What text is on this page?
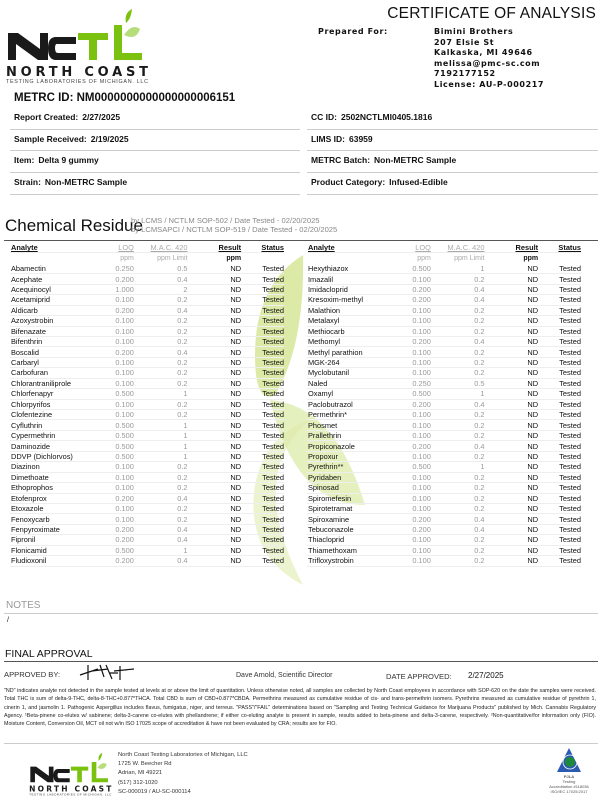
NORTH COAST
TESTING LABORATORIES OF MICHIGAN, LLC
CERTIFICATE OF ANALYSIS
Prepared For:	Bimini Brothers
207 Elsie St
Kalkaska, MI 49646
melissa@pmc-sc.com
7192177152
License: AU-P-000217
METRC ID: NM0000000000000000006151
Report Created: 2/27/2025	CC ID: 2502NCTLMI0405.1816
Sample Received: 2/19/2025	LIMS ID: 63959
Item: Delta 9 gummy	METRC Batch: Non-METRC Sample
Strain: Non-METRC Sample	Product Category: Infused-Edible
Chemical Residue
by LCMS / NCTLM SOP-502 / Date Tested - 02/20/2025
by LCMSAPCI / NCTLM SOP-519 / Date Tested - 02/20/2025
Analyte	LOQ	M.A.C. 420	Result	Status
ppm	ppm Limit	ppm
Abamectin	0.250	0.5	ND	Tested
Acephate	0.200	0.4	ND	Tested
Acequinocyl	1.000	2	ND	Tested
Acetamiprid	0.100	0.2	ND	Tested
Aldicarb	0.200	0.4	ND	Tested
Azoxystrobin	0.100	0.2	ND	Tested
Bifenazate	0.100	0.2	ND	Tested
Bifenthrin	0.100	0.2	ND	Tested
Boscalid	0.200	0.4	ND	Tested
Carbaryl	0.100	0.2	ND	Tested
Carbofuran	0.100	0.2	ND	Tested
Chlorantraniliprole	0.100	0.2	ND	Tested
Chlorfenapyr	0.500	1	ND	Tested
Chlorpyrifos	0.100	0.2	ND	Tested
Clofentezine	0.100	0.2	ND	Tested
Cyfluthrin	0.500	1	ND	Tested
Cypermethrin	0.500	1	ND	Tested
Daminozide	0.500	1	ND	Tested
DDVP (Dichlorvos)	0.500	1	ND	Tested
Diazinon	0.100	0.2	ND	Tested
Dimethoate	0.100	0.2	ND	Tested
Ethoprophos	0.100	0.2	ND	Tested
Etofenprox	0.200	0.4	ND	Tested
Etoxazole	0.100	0.2	ND	Tested
Fenoxycarb	0.100	0.2	ND	Tested
Fenpyroximate	0.200	0.4	ND	Tested
Fipronil	0.200	0.4	ND	Tested
Flonicamid	0.500	1	ND	Tested
Fludioxonil	0.200	0.4	ND	Tested
Analyte	LOQ	M.A.C. 420	Result	Status
ppm	ppm Limit	ppm
Hexythiazox	0.500	1	ND	Tested
Imazalil	0.100	0.2	ND	Tested
Imidacloprid	0.200	0.4	ND	Tested
Kresoxim-methyl	0.200	0.4	ND	Tested
Malathion	0.100	0.2	ND	Tested
Metalaxyl	0.100	0.2	ND	Tested
Methiocarb	0.100	0.2	ND	Tested
Methomyl	0.200	0.4	ND	Tested
Methyl parathion	0.100	0.2	ND	Tested
MGK-264	0.100	0.2	ND	Tested
Myclobutanil	0.100	0.2	ND	Tested
Naled	0.250	0.5	ND	Tested
Oxamyl	0.500	1	ND	Tested
Paclobutrazol	0.200	0.4	ND	Tested
Permethrin*	0.100	0.2	ND	Tested
Phosmet	0.100	0.2	ND	Tested
Prallethrin	0.100	0.2	ND	Tested
Propiconazole	0.200	0.4	ND	Tested
Propoxur	0.100	0.2	ND	Tested
Pyrethrin**	0.500	1	ND	Tested
Pyridaben	0.100	0.2	ND	Tested
Spinosad	0.100	0.2	ND	Tested
Spiromefesin	0.100	0.2	ND	Tested
Spirotetramat	0.100	0.2	ND	Tested
Spiroxamine	0.200	0.4	ND	Tested
Tebuconazole	0.200	0.4	ND	Tested
Thiacloprid	0.100	0.2	ND	Tested
Thiamethoxam	0.100	0.2	ND	Tested
Trifloxystrobin	0.100	0.2	ND	Tested
NOTES
/
FINAL APPROVAL
APPROVED BY:	Dave Arnold, Scientific Director	DATE APPROVED: 2/27/2025
"ND" indicates analyte not detected in the sample tested at levels at or above the limit of quantitation. Unless otherwise noted, all samples are collected by North Coast employees in accordance with SOP-620 on the date the samples were received. Total THC is sum of delta-9-THC, delta-8-THC+0.877*THCA. Total CBD is sum of CBD+0.877*CBDA. Permethrins measured as cumulative residue of cis- and trans-permethrin isomers. Pyrethrins measured as cumulative residue of pyrethrin 1, cinerin 1, and jasmolin 1. Pathogenic Aspergillus includes flavus, fumigatus, niger, and terreus. "PASS"/"FAIL" determinations based on "Sampling and Testing Technical Guidance for Marijuana Products" published by Mich. Cannabis Regulatory Agency. ¹Beta-pinene co-elutes w/ sabinene; delta-3-carene co-elutes with phellandrene; if either co-eluting analyte is present in sample, results added to beta-pinene and delta-3-carene, respectively. ²Non-quantitative/for information only (FIO). Moisture Content, Conversion Oil, MCT oil not w/in ISO 17025 scope of accreditation & have not been evaluated by CRA; results are for FIO.
NORTH COAST
TESTING LABORATORIES OF MICHIGAN, LLC
North Coast Testing Laboratories of Michigan, LLC
1725 W. Beecher Rd
Adrian, MI 49221
(517) 312-1020
SC-000019 / AU-SC-000114
PJLA
Testing
Accreditation #118036
ISO/IEC 17025:2017
